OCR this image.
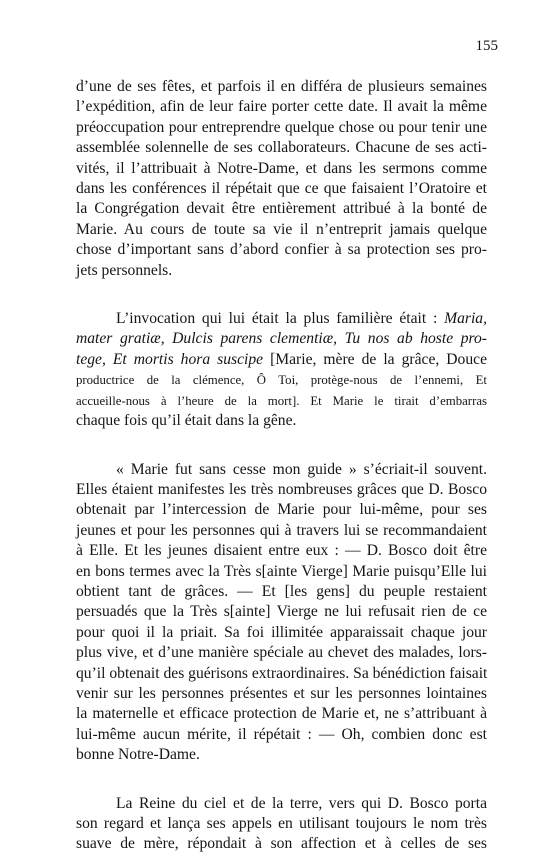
155
d’une de ses fêtes, et parfois il en différa de plusieurs semaines
l’expédition, afin de leur faire porter cette date. Il avait la même
préoccupation pour entreprendre quelque chose ou pour tenir une
assemblée solennelle de ses collaborateurs. Chacune de ses acti-
vités, il l’attribuait à Notre-Dame, et dans les sermons comme
dans les conférences il répétait que ce que faisaient l’Oratoire et
la Congrégation devait être entièrement attribué à la bonté de
Marie. Au cours de toute sa vie il n’entreprit jamais quelque
chose d’important sans d’abord confier à sa protection ses pro-
jets personnels.
L’invocation qui lui était la plus familière était : Maria,
mater gratiæ, Dulcis parens clementiæ, Tu nos ab hoste pro-
tege, Et mortis hora suscipe [Marie, mère de la grâce, Douce
productrice de la clémence, Ô Toi, protège-nous de l’ennemi, Et
accueille-nous à l’heure de la mort]. Et Marie le tirait d’embarras
chaque fois qu’il était dans la gêne.
« Marie fut sans cesse mon guide » s’écriait-il souvent.
Elles étaient manifestes les très nombreuses grâces que D. Bosco
obtenait par l’intercession de Marie pour lui-même, pour ses
jeunes et pour les personnes qui à travers lui se recommandaient
à Elle. Et les jeunes disaient entre eux : — D. Bosco doit être
en bons termes avec la Très s[ainte Vierge] Marie puisqu’Elle lui
obtient tant de grâces. — Et [les gens] du peuple restaient
persuadés que la Très s[ainte] Vierge ne lui refusait rien de ce
pour quoi il la priait. Sa foi illimitée apparaissait chaque jour
plus vive, et d’une manière spéciale au chevet des malades, lors-
qu’il obtenait des guérisons extraordinaires. Sa bénédiction faisait
venir sur les personnes présentes et sur les personnes lointaines
la maternelle et efficace protection de Marie et, ne s’attribuant à
lui-même aucun mérite, il répétait : — Oh, combien donc est
bonne Notre-Dame.
La Reine du ciel et de la terre, vers qui D. Bosco porta
son regard et lança ses appels en utilisant toujours le nom très
suave de mère, répondait à son affection et à celles de ses
